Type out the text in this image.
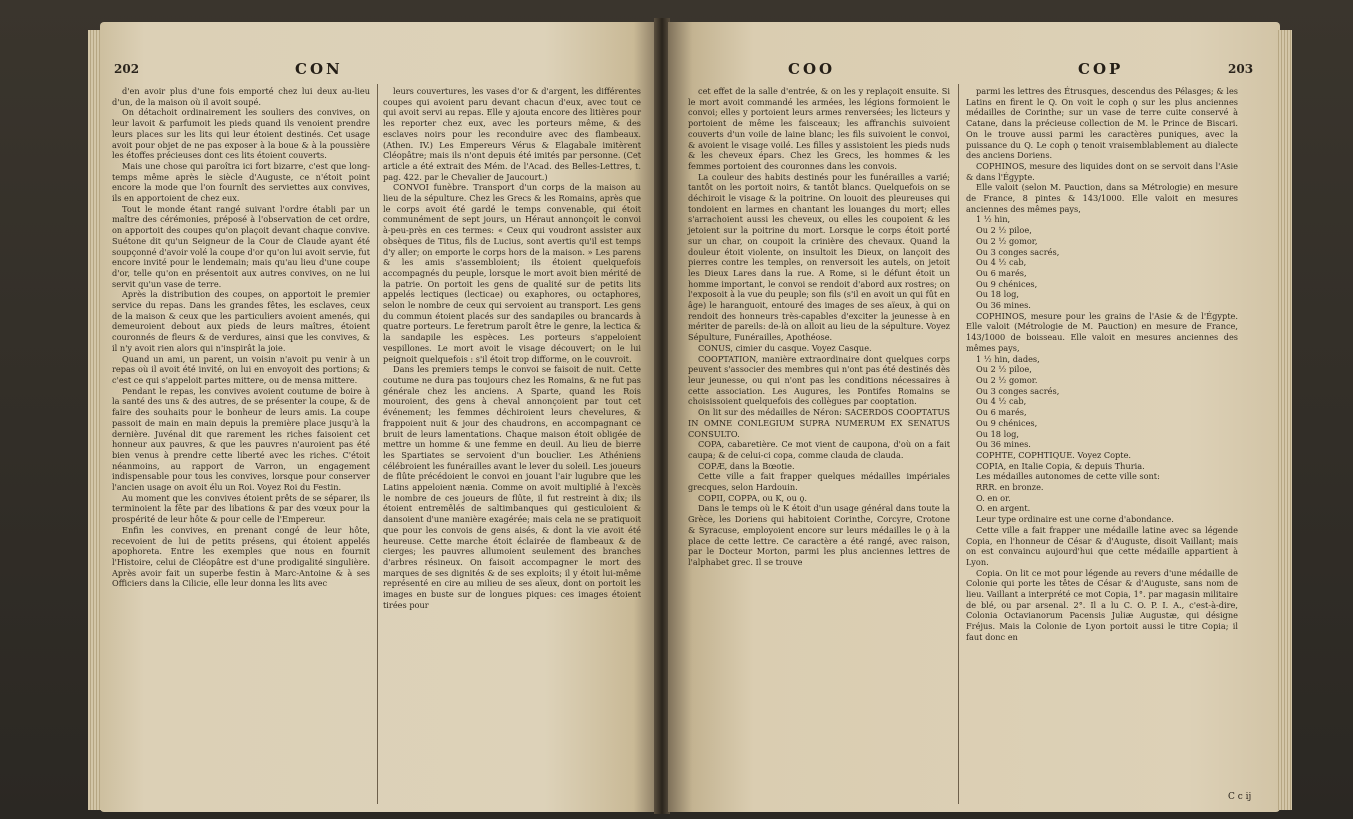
202	CON

d'en avoir plus d'une fois emporté chez lui deux au-lieu d'un, de la maison où il avoit soupé.

On détachoit ordinairement les souliers des convives, on leur lavoit & parfumoit les pieds quand ils venoient prendre leurs places sur les lits qui leur étoient destinés. Cet usage avoit pour objet de ne pas exposer à la boue & à la poussière les étoffes précieuses dont ces lits étoient couverts.

Mais une chose qui paroîtra ici fort bizarre, c'est que long-temps même après le siècle d'Auguste, ce n'étoit point encore la mode que l'on fournît des serviettes aux convives, ils en apportoient de chez eux.

Tout le monde étant rangé suivant l'ordre établi par un maître des cérémonies, préposé à l'observation de cet ordre, on apportoit des coupes qu'on plaçoit devant chaque convive. Suétone dit qu'un Seigneur de la Cour de Claude ayant été soupçonné d'avoir volé la coupe d'or qu'on lui avoit servie, fut encore invité pour le lendemain; mais qu'au lieu d'une coupe d'or, telle qu'on en présentoit aux autres convives, on ne lui servit qu'un vase de terre.

Après la distribution des coupes, on apportoit le premier service du repas. Dans les grandes fêtes, les esclaves, ceux de la maison & ceux que les particuliers avoient amenés, qui demeuroient debout aux pieds de leurs maîtres, étoient couronnés de fleurs & de verdures, ainsi que les convives, & il n'y avoit rien alors qui n'inspirât la joie.

Quand un ami, un parent, un voisin n'avoit pu venir à un repas où il avoit été invité, on lui en envoyoit des portions; & c'est ce qui s'appeloit partes mittere, ou de mensa mittere.

Pendant le repas, les convives avoient coutume de boire à la santé des uns & des autres, de se présenter la coupe, & de faire des souhaits pour le bonheur de leurs amis. La coupe passoit de main en main depuis la première place jusqu'à la dernière. Juvénal dit que rarement les riches faisoient cet honneur aux pauvres, & que les pauvres n'auroient pas été bien venus à prendre cette liberté avec les riches. C'étoit néanmoins, au rapport de Varron, un engagement indispensable pour tous les convives, lorsque pour conserver l'ancien usage on avoit élu un Roi. Voyez Roi du Festin.

Au moment que les convives étoient prêts de se séparer, ils terminoient la fête par des libations & par des vœux pour la prospérité de leur hôte & pour celle de l'Empereur.

Enfin les convives, en prenant congé de leur hôte, recevoient de lui de petits présens, qui étoient appelés apophoreta. Entre les exemples que nous en fournit l'Histoire, celui de Cléopâtre est d'une prodigalité singulière. Après avoir fait un superbe festin à Marc-Antoine & à ses Officiers dans la Cilicie, elle leur donna les lits avec

leurs couvertures, les vases d'or & d'argent, les différentes coupes qui avoient paru devant chacun d'eux, avec tout ce qui avoit servi au repas. Elle y ajouta encore des litières pour les reporter chez eux, avec les porteurs même, & des esclaves noirs pour les reconduire avec des flambeaux. (Athen. IV.) Les Empereurs Vérus & Elagabale imitèrent Cléopâtre; mais ils n'ont depuis été imités par personne. (Cet article a été extrait des Mém. de l'Acad. des Belles-Lettres, t. pag. 422. par le Chevalier de Jaucourt.)

CONVOI funèbre. Transport d'un corps de la maison au lieu de la sépulture. Chez les Grecs & les Romains, après que le corps avoit été gardé le temps convenable, qui étoit communément de sept jours, un Héraut annonçoit le convoi à-peu-près en ces termes: « Ceux qui voudront assister aux obsèques de Titus, fils de Lucius, sont avertis qu'il est temps d'y aller; on emporte le corps hors de la maison. » Les parens & les amis s'assembloient; ils étoient quelquefois accompagnés du peuple, lorsque le mort avoit bien mérité de la patrie. On portoit les gens de qualité sur de petits lits appelés lectiques (lecticae) ou exaphores, ou octaphores, selon le nombre de ceux qui servoient au transport. Les gens du commun étoient placés sur des sandapiles ou brancards à quatre porteurs. Le feretrum paroît être le genre, la lectica & la sandapile les espèces. Les porteurs s'appeloient vespillones. Le mort avoit le visage découvert; on le lui peignoit quelquefois : s'il étoit trop difforme, on le couvroit.

Dans les premiers temps le convoi se faisoit de nuit. Cette coutume ne dura pas toujours chez les Romains, & ne fut pas générale chez les anciens. A Sparte, quand les Rois mouroient, des gens à cheval annonçoient par tout cet événement; les femmes déchiroient leurs chevelures, & frappoient nuit & jour des chaudrons, en accompagnant ce bruit de leurs lamentations. Chaque maison étoit obligée de mettre un homme & une femme en deuil. Au lieu de bierre les Spartiates se servoient d'un bouclier. Les Athéniens célébroient les funérailles avant le lever du soleil. Les joueurs de flûte précédoient le convoi en jouant l'air lugubre que les Latins appeloient nænia. Comme on avoit multiplié à l'excès le nombre de ces joueurs de flûte, il fut restreint à dix; ils étoient entremêlés de saltimbanques qui gesticuloient & dansoient d'une manière exagérée; mais cela ne se pratiquoit que pour les convois de gens aisés, & dont la vie avoit été heureuse. Cette marche étoit éclairée de flambeaux & de cierges; les pauvres allumoient seulement des branches d'arbres résineux. On faisoit accompagner le mort des marques de ses dignités & de ses exploits; il y étoit lui-même représenté en cire au milieu de ses aïeux, dont on portoit les images en buste sur de longues piques: ces images étoient tirées pour

COO	COP	203

cet effet de la salle d'entrée, & on les y replaçoit ensuite. Si le mort avoit commandé les armées, les légions formoient le convoi; elles y portoient leurs armes renversées; les licteurs y portoient de même les faisceaux; les affranchis suivoient couverts d'un voile de laine blanc; les fils suivoient le convoi, & avoient le visage voilé. Les filles y assistoient les pieds nuds & les cheveux épars. Chez les Grecs, les hommes & les femmes portoient des couronnes dans les convois.

La couleur des habits destinés pour les funérailles a varié; tantôt on les portoit noirs, & tantôt blancs. Quelquefois on se déchiroit le visage & la poitrine. On louoit des pleureuses qui tondoient en larmes en chantant les louanges du mort; elles s'arrachoient aussi les cheveux, ou elles les coupoient & les jetoient sur la poitrine du mort. Lorsque le corps étoit porté sur un char, on coupoit la crinière des chevaux. Quand la douleur étoit violente, on insultoit les Dieux, on lançoit des pierres contre les temples, on renversoit les autels, on jetoit les Dieux Lares dans la rue. A Rome, si le défunt étoit un homme important, le convoi se rendoit d'abord aux rostres; on l'exposoit à la vue du peuple; son fils (s'il en avoit un qui fût en âge) le haranguoit, entouré des images de ses aïeux, à qui on rendoit des honneurs très-capables d'exciter la jeunesse à en mériter de pareils: de-là on alloit au lieu de la sépulture. Voyez Sépulture, Funérailles, Apothéose.

CONUS, cimier du casque. Voyez Casque.

COOPTATION, manière extraordinaire dont quelques corps peuvent s'associer des membres qui n'ont pas été destinés dès leur jeunesse, ou qui n'ont pas les conditions nécessaires à cette association. Les Augures, les Pontifes Romains se choisissoient quelquefois des collègues par cooptation.

On lit sur des médailles de Néron: SACERDOS COOPTATUS IN OMNE CONLEGIUM SUPRA NUMERUM EX SENATUS CONSULTO.

COPA, cabaretière. Ce mot vient de caupona, d'où on a fait caupa; & de celui-ci copa, comme clauda de clauda.

COPÆ, dans la Bœotie.

Cette ville a fait frapper quelques médailles impériales grecques, selon Hardouin.

COPII, COPPA, ou K, ou ϙ.

Dans le temps où le K étoit d'un usage général dans toute la Grèce, les Doriens qui habitoient Corinthe, Corcyre, Crotone & Syracuse, employoient encore sur leurs médailles le ϙ à la place de cette lettre. Ce caractère a été rangé, avec raison, par le Docteur Morton, parmi les plus anciennes lettres de l'alphabet grec. Il se trouve

parmi les lettres des Étrusques, descendus des Pélasges; & les Latins en firent le Q. On voit le coph ϙ sur les plus anciennes médailles de Corinthe; sur un vase de terre cuite conservé à Catane, dans la précieuse collection de M. le Prince de Biscari. On le trouve aussi parmi les caractères puniques, avec la puissance du Q. Le coph ϙ tenoit vraisemblablement au dialecte des anciens Doriens.

COPHINOS, mesure des liquides dont on se servoit dans l'Asie & dans l'Égypte.

Elle valoit (selon M. Pauction, dans sa Métrologie) en mesure de France, 8 pintes & 143/1000. Elle valoit en mesures anciennes des mêmes pays,

1 ½ hin,

Ou 2 ½ piloe,

Ou 2 ½ gomor,

Ou 3 conges sacrés,

Ou 4 ½ cab,

Ou 6 marés,

Ou 9 chénices,

Ou 18 log,

Ou 36 mines.

COPHINOS, mesure pour les grains de l'Asie & de l'Égypte. Elle valoit (Métrologie de M. Pauction) en mesure de France, 143/1000 de boisseau. Elle valoit en mesures anciennes des mêmes pays,

1 ½ hin, dades,

Ou 2 ½ piloe,

Ou 2 ½ gomor.

Ou 3 conges sacrés,

Ou 4 ½ cab,

Ou 6 marés,

Ou 9 chénices,

Ou 18 log,

Ou 36 mines.

COPHTE, COPHTIQUE. Voyez Copte.

COPIA, en Italie Copia, & depuis Thuria.

Les médailles autonomes de cette ville sont:

RRR. en bronze.

O. en or.

O. en argent.

Leur type ordinaire est une corne d'abondance.

Cette ville a fait frapper une médaille latine avec sa légende Copia, en l'honneur de César & d'Auguste, disoit Vaillant; mais on est convaincu aujourd'hui que cette médaille appartient à Lyon.

Copia. On lit ce mot pour légende au revers d'une médaille de Colonie qui porte les têtes de César & d'Auguste, sans nom de lieu. Vaillant a interprété ce mot Copia, 1°. par magasin militaire de blé, ou par arsenal. 2°. Il a lu C. O. P. I. A., c'est-à-dire, Colonia Octavianorum Pacensis Juliæ Augustæ, qui désigne Fréjus. Mais la Colonie de Lyon portoit aussi le titre Copia; il faut donc en

C c ij
